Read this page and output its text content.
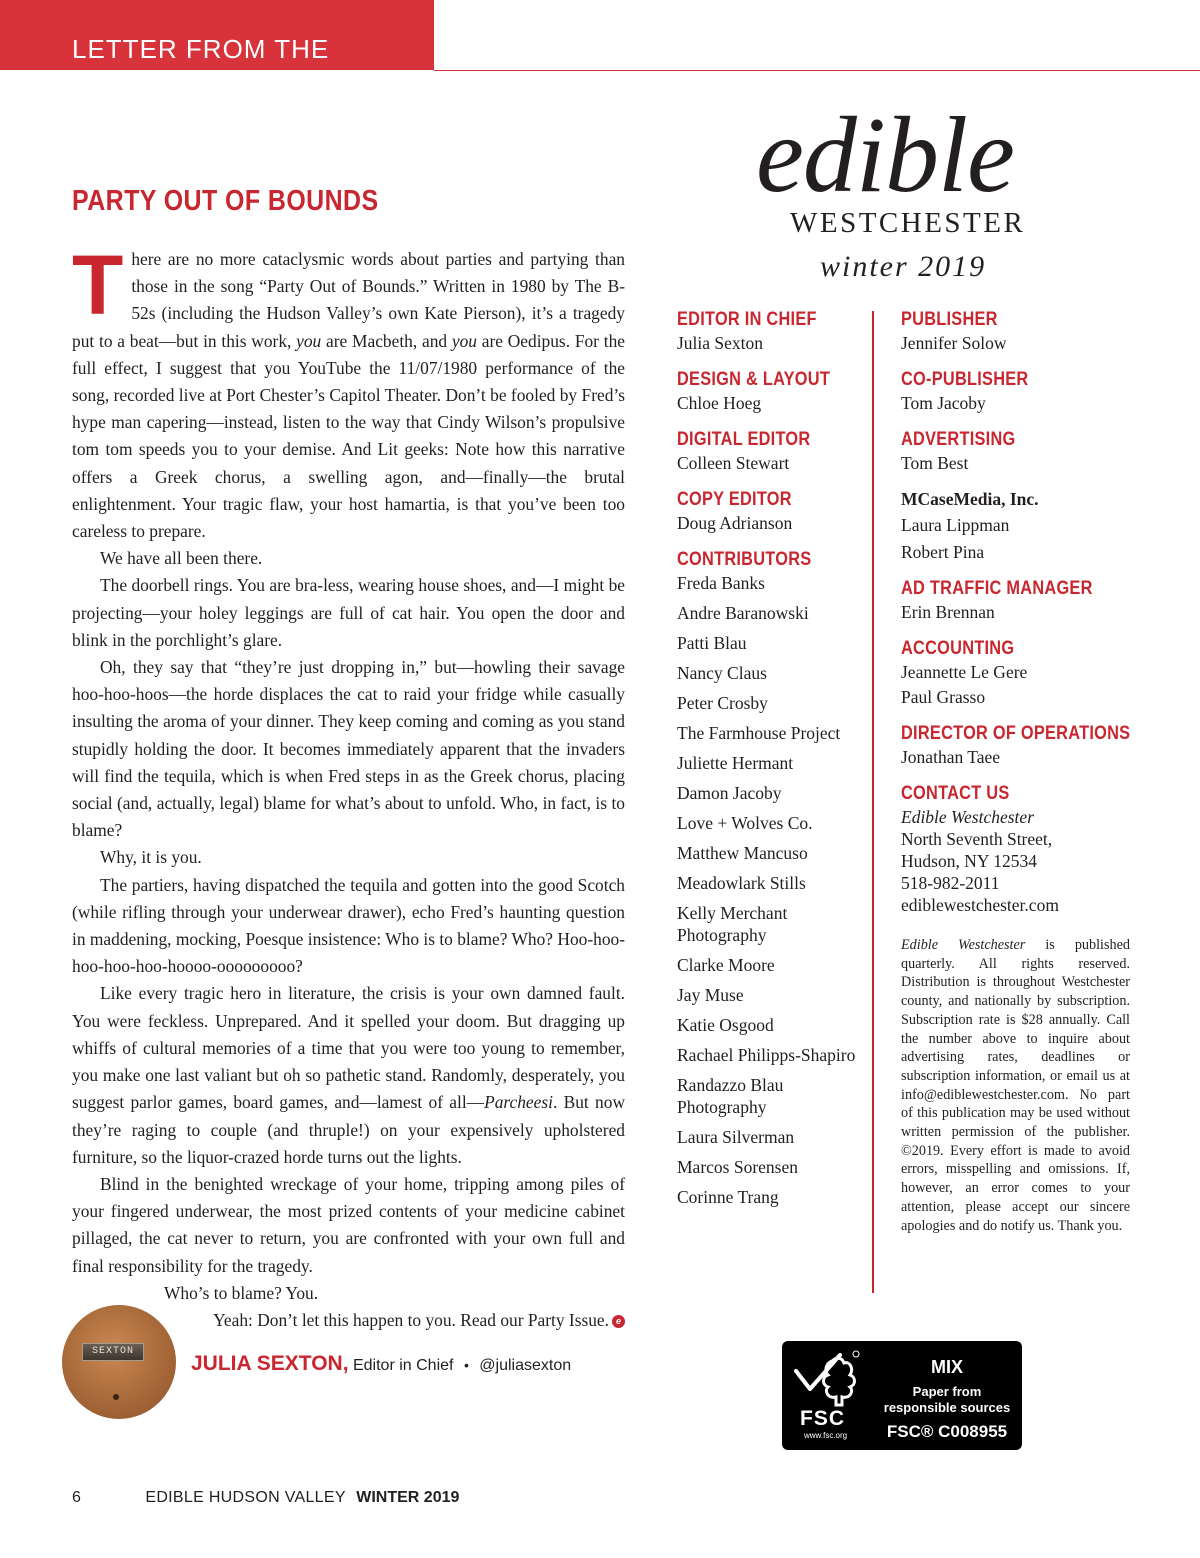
LETTER FROM THE EDITOR
PARTY OUT OF BOUNDS

There are no more cataclysmic words about parties and partying than those in the song “Party Out of Bounds.” Written in 1980 by The B-52s (including the Hudson Valley’s own Kate Pierson), it’s a tragedy put to a beat—but in this work, you are Macbeth, and you are Oedipus. For the full effect, I suggest that you YouTube the 11/07/1980 performance of the song, recorded live at Port Chester’s Capitol Theater. Don’t be fooled by Fred’s hype man capering—instead, listen to the way that Cindy Wilson’s propulsive tom tom speeds you to your demise. And Lit geeks: Note how this narrative offers a Greek chorus, a swelling agon, and—finally—the brutal enlightenment. Your tragic flaw, your host hamartia, is that you’ve been too careless to prepare.

We have all been there.

The doorbell rings. You are bra-less, wearing house shoes, and—I might be projecting—your holey leggings are full of cat hair. You open the door and blink in the porchlight’s glare.

Oh, they say that “they’re just dropping in,” but—howling their savage hoo-hoo-hoos—the horde displaces the cat to raid your fridge while casually insulting the aroma of your dinner. They keep coming and coming as you stand stupidly holding the door. It becomes immediately apparent that the invaders will find the tequila, which is when Fred steps in as the Greek chorus, placing social (and, actually, legal) blame for what’s about to unfold. Who, in fact, is to blame?

Why, it is you.

The partiers, having dispatched the tequila and gotten into the good Scotch (while rifling through your underwear drawer), echo Fred’s haunting question in maddening, mocking, Poesque insistence: Who is to blame? Who? Hoo-hoo-hoo-hoo-hoo-hoooo-ooooooooo?

Like every tragic hero in literature, the crisis is your own damned fault. You were feckless. Unprepared. And it spelled your doom. But dragging up whiffs of cultural memories of a time that you were too young to remember, you make one last valiant but oh so pathetic stand. Randomly, desperately, you suggest parlor games, board games, and—lamest of all—Parcheesi. But now they’re raging to couple (and thruple!) on your expensively upholstered furniture, so the liquor-crazed horde turns out the lights.

Blind in the benighted wreckage of your home, tripping among piles of your fingered underwear, the most prized contents of your medicine cabinet pillaged, the cat never to return, you are confronted with your own full and final responsibility for the tragedy.

Who’s to blame? You.

Yeah: Don’t let this happen to you. Read our Party Issue. e

SEXTON
JULIA SEXTON, Editor in Chief • @juliasexton
edible
WESTCHESTER
winter 2019
EDITOR IN CHIEF
Julia Sexton
DESIGN & LAYOUT
Chloe Hoeg
DIGITAL EDITOR
Colleen Stewart
COPY EDITOR
Doug Adrianson
CONTRIBUTORS
Freda Banks
Andre Baranowski
Patti Blau
Nancy Claus
Peter Crosby
The Farmhouse Project
Juliette Hermant
Damon Jacoby
Love + Wolves Co.
Matthew Mancuso
Meadowlark Stills
Kelly Merchant Photography
Clarke Moore
Jay Muse
Katie Osgood
Rachael Philipps-Shapiro
Randazzo Blau Photography
Laura Silverman
Marcos Sorensen
Corinne Trang
PUBLISHER
Jennifer Solow
CO-PUBLISHER
Tom Jacoby
ADVERTISING
Tom Best
MCaseMedia, Inc.
Laura Lippman
Robert Pina
AD TRAFFIC MANAGER
Erin Brennan
ACCOUNTING
Jeannette Le Gere
Paul Grasso
DIRECTOR OF OPERATIONS
Jonathan Taee
CONTACT US
Edible Westchester
North Seventh Street,
Hudson, NY 12534
518-982-2011
ediblewestchester.com
Edible Westchester is published quarterly. All rights reserved. Distribution is throughout Westchester county, and nationally by subscription. Subscription rate is $28 annually. Call the number above to inquire about advertising rates, deadlines or subscription information, or email us at info@ediblewestchester.com. No part of this publication may be used without written permission of the publisher. ©2019. Every effort is made to avoid errors, misspelling and omissions. If, however, an error comes to your attention, please accept our sincere apologies and do notify us. Thank you.
FSC
www.fsc.org
MIX
Paper from
responsible sources
FSC® C008955
6	EDIBLE HUDSON VALLEY WINTER 2019
